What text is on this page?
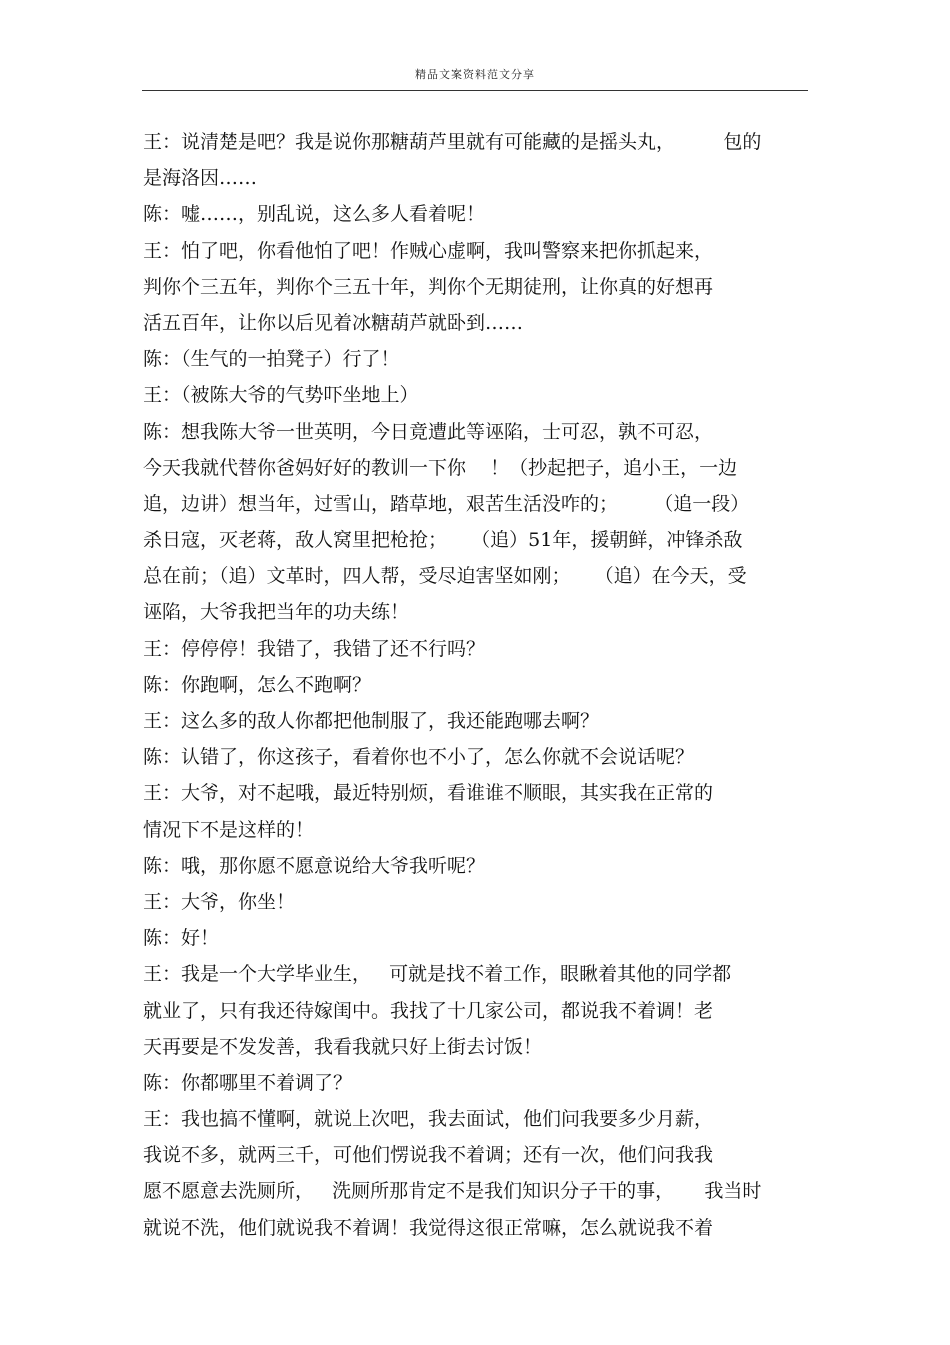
精品文案资料范文分享
王：说清楚是吧？我是说你那糖葫芦里就有可能藏的是摇头丸，        包的
是海洛因……
陈：嘘……，别乱说，这么多人看着呢！
王：怕了吧，你看他怕了吧！作贼心虚啊，我叫警察来把你抓起来，
判你个三五年，判你个三五十年，判你个无期徒刑，让你真的好想再
活五百年，让你以后见着冰糖葫芦就卧到……
陈：（生气的一拍凳子）行了！
王：（被陈大爷的气势吓坐地上）
陈：想我陈大爷一世英明，今日竟遭此等诬陷，士可忍，孰不可忍，
今天我就代替你爸妈好好的教训一下你    ！（抄起把子，追小王，一边
追，边讲）想当年，过雪山，踏草地，艰苦生活没咋的；      （追一段）
杀日寇，灭老蒋，敌人窝里把枪抢；    （追）51年，援朝鲜，冲锋杀敌
总在前；（追）文革时，四人帮，受尽迫害坚如刚；    （追）在今天，受
诬陷，大爷我把当年的功夫练！
王：停停停！我错了，我错了还不行吗？
陈：你跑啊，怎么不跑啊？
王：这么多的敌人你都把他制服了，我还能跑哪去啊？
陈：认错了，你这孩子，看着你也不小了，怎么你就不会说话呢？
王：大爷，对不起哦，最近特别烦，看谁谁不顺眼，其实我在正常的
情况下不是这样的！
陈：哦，那你愿不愿意说给大爷我听呢？
王：大爷，你坐！
陈：好！
王：我是一个大学毕业生，   可就是找不着工作，眼瞅着其他的同学都
就业了，只有我还待嫁闺中。我找了十几家公司，都说我不着调！老
天再要是不发发善，我看我就只好上街去讨饭！
陈：你都哪里不着调了？
王：我也搞不懂啊，就说上次吧，我去面试，他们问我要多少月薪，
我说不多，就两三千，可他们愣说我不着调；还有一次，他们问我我
愿不愿意去洗厕所，   洗厕所那肯定不是我们知识分子干的事，     我当时
就说不洗，他们就说我不着调！我觉得这很正常嘛，怎么就说我不着
